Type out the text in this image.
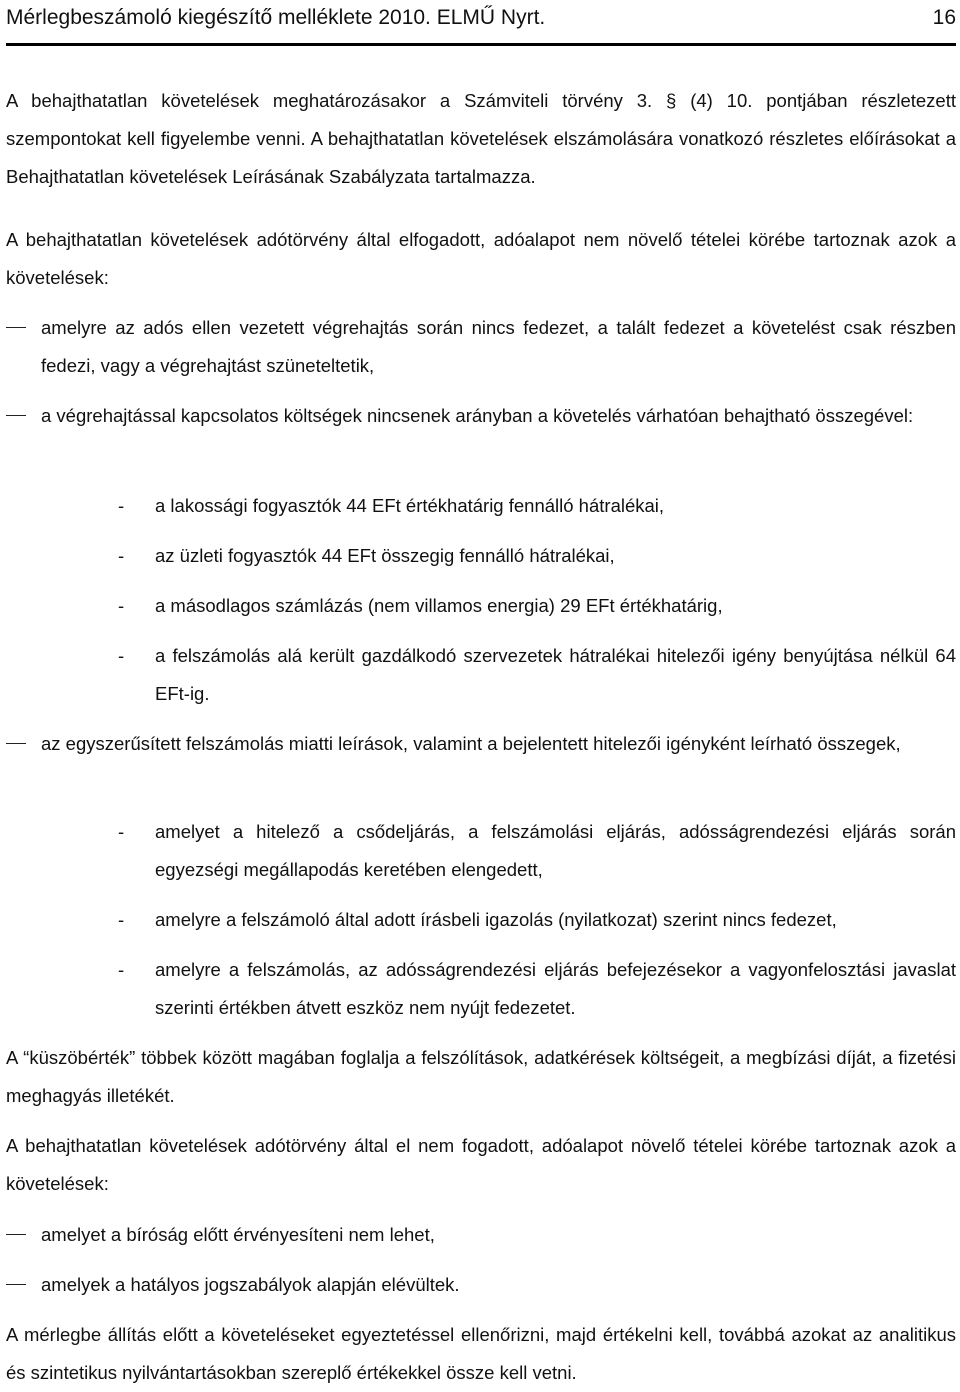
Mérlegbeszámoló kiegészítő melléklete 2010. ELMŰ Nyrt.	16

A behajthatatlan követelések meghatározásakor a Számviteli törvény 3. § (4) 10. pontjában részletezett szempontokat kell figyelembe venni. A behajthatatlan követelések elszámolására vonatkozó részletes előírásokat a Behajthatatlan követelések Leírásának Szabályzata tartalmazza.

A behajthatatlan követelések adótörvény által elfogadott, adóalapot nem növelő tételei körébe tartoznak azok a követelések:

amelyre az adós ellen vezetett végrehajtás során nincs fedezet, a talált fedezet a követelést csak részben fedezi, vagy a végrehajtást szüneteltetik,
a végrehajtással kapcsolatos költségek nincsenek arányban a követelés várhatóan behajtható összegével:
- a lakossági fogyasztók 44 EFt értékhatárig fennálló hátralékai,
- az üzleti fogyasztók 44 EFt összegig fennálló hátralékai,
- a másodlagos számlázás (nem villamos energia) 29 EFt értékhatárig,
- a felszámolás alá került gazdálkodó szervezetek hátralékai hitelezői igény benyújtása nélkül 64 EFt-ig.
az egyszerűsített felszámolás miatti leírások, valamint a bejelentett hitelezői igényként leírható összegek,
- amelyet a hitelező a csődeljárás, a felszámolási eljárás, adósságrendezési eljárás során egyezségi megállapodás keretében elengedett,
- amelyre a felszámoló által adott írásbeli igazolás (nyilatkozat) szerint nincs fedezet,
- amelyre a felszámolás, az adósságrendezési eljárás befejezésekor a vagyonfelosztási javaslat szerinti értékben átvett eszköz nem nyújt fedezetet.

A “küszöbérték” többek között magában foglalja a felszólítások, adatkérések költségeit, a megbízási díját, a fizetési meghagyás illetékét.

A behajthatatlan követelések adótörvény által el nem fogadott, adóalapot növelő tételei körébe tartoznak azok a követelések:

amelyet a bíróság előtt érvényesíteni nem lehet,
amelyek a hatályos jogszabályok alapján elévültek.

A mérlegbe állítás előtt a követeléseket egyeztetéssel ellenőrizni, majd értékelni kell, továbbá azokat az analitikus és szintetikus nyilvántartásokban szereplő értékekkel össze kell vetni.
